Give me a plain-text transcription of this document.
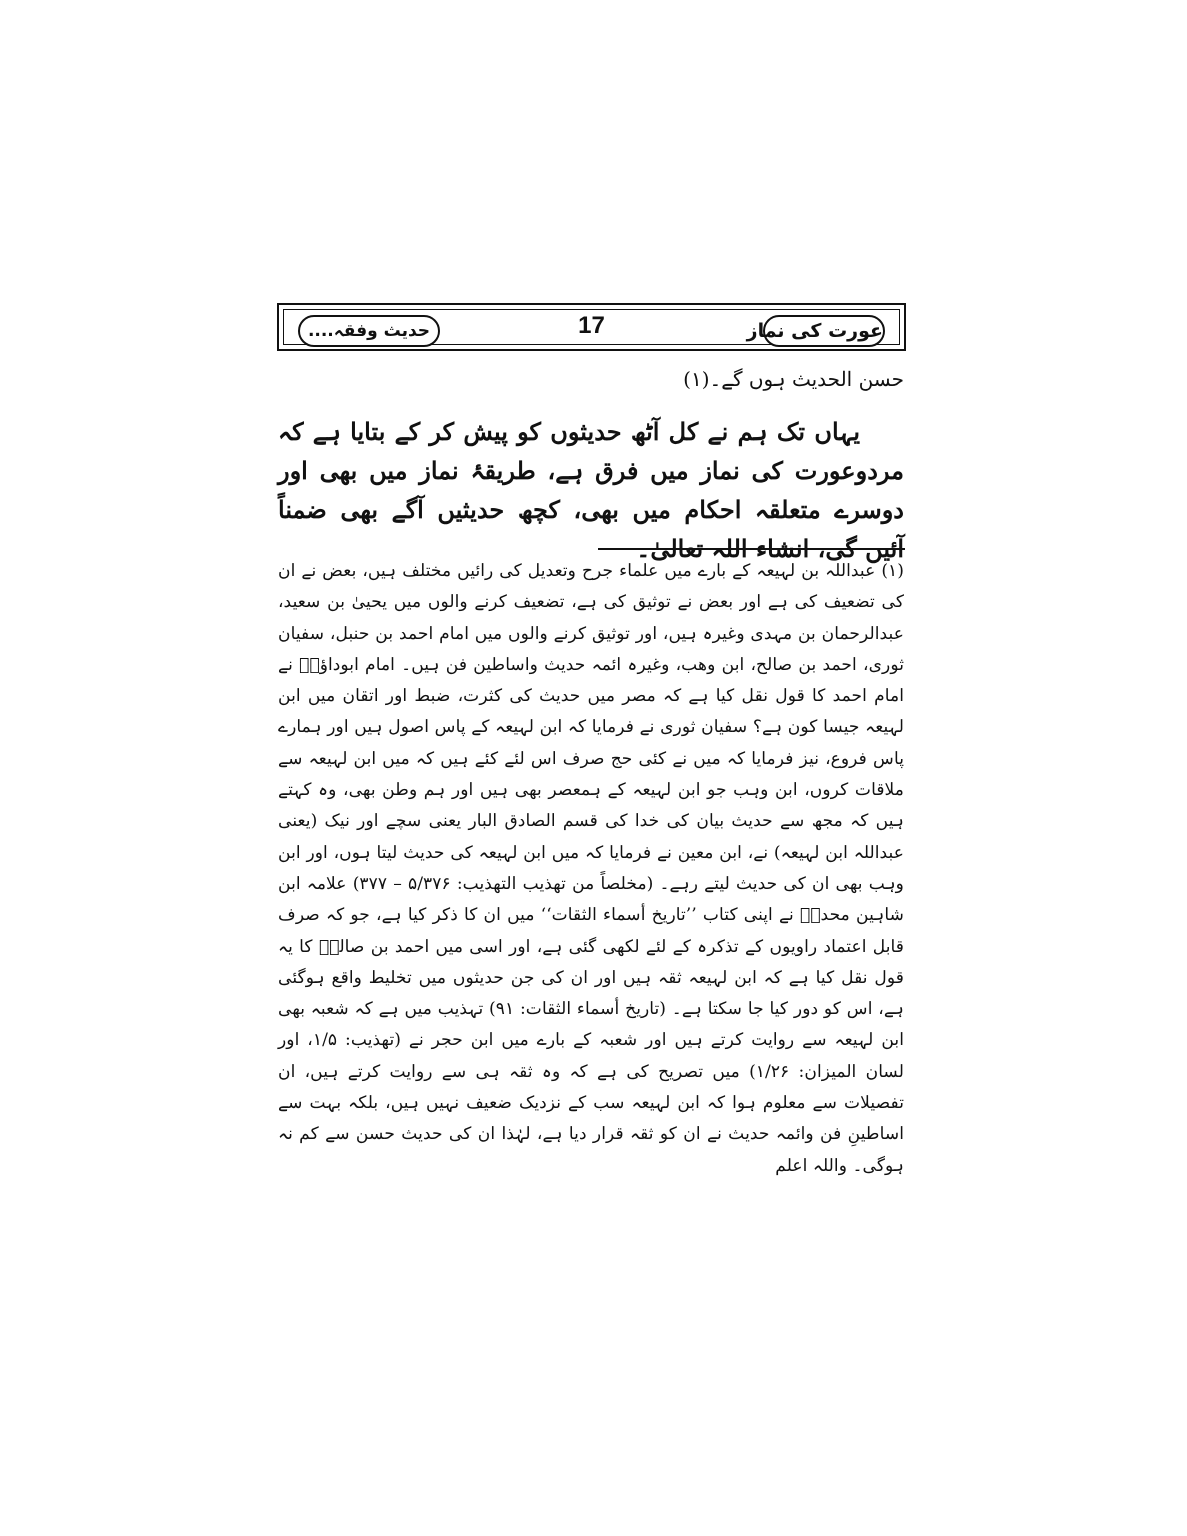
عورت کی نماز
17
حدیث وفقہ....
حسن الحدیث ہوں گے۔(۱)
یہاں تک ہم نے کل آٹھ حدیثوں کو پیش کر کے بتایا ہے کہ مردوعورت کی نماز میں فرق ہے، طریقۂ نماز میں بھی اور دوسرے متعلقہ احکام میں بھی، کچھ حدیثیں آگے بھی ضمناً آئیں گی، انشاء اللہ تعالیٰ۔
(۱) عبداللہ بن لہیعہ کے بارے میں علماء جرح وتعدیل کی رائیں مختلف ہیں، بعض نے ان کی تضعیف کی ہے اور بعض نے توثیق کی ہے، تضعیف کرنے والوں میں یحییٰ بن سعید، عبدالرحمان بن مہدی وغیرہ ہیں، اور توثیق کرنے والوں میں امام احمد بن حنبل، سفیان ثوری، احمد بن صالح، ابن وھب، وغیرہ ائمہ حدیث واساطین فن ہیں۔ امام ابوداؤدؒ نے امام احمد کا قول نقل کیا ہے کہ مصر میں حدیث کی کثرت، ضبط اور اتقان میں ابن لہیعہ جیسا کون ہے؟ سفیان ثوری نے فرمایا کہ ابن لہیعہ کے پاس اصول ہیں اور ہمارے پاس فروع، نیز فرمایا کہ میں نے کئی حج صرف اس لئے کئے ہیں کہ میں ابن لہیعہ سے ملاقات کروں، ابن وہب جو ابن لہیعہ کے ہمعصر بھی ہیں اور ہم وطن بھی، وہ کہتے ہیں کہ مجھ سے حدیث بیان کی خدا کی قسم الصادق البار یعنی سچے اور نیک (یعنی عبداللہ ابن لہیعہ) نے، ابن معین نے فرمایا کہ میں ابن لہیعہ کی حدیث لیتا ہوں، اور ابن وہب بھی ان کی حدیث لیتے رہے۔ (مخلصاً من تهذيب التهذيب: ۵/۳۷۶ – ۳۷۷) علامہ ابن شاہین محدثؒ نے اپنی کتاب ’’تاریخ أسماء الثقات‘‘ میں ان کا ذکر کیا ہے، جو کہ صرف قابل اعتماد راویوں کے تذکرہ کے لئے لکھی گئی ہے، اور اسی میں احمد بن صالحؒ کا یہ قول نقل کیا ہے کہ ابن لہیعہ ثقہ ہیں اور ان کی جن حدیثوں میں تخلیط واقع ہوگئی ہے، اس کو دور کیا جا سکتا ہے۔ (تاریخ أسماء الثقات: ۹۱) تہذیب میں ہے کہ شعبہ بھی ابن لہیعہ سے روایت کرتے ہیں اور شعبہ کے بارے میں ابن حجر نے (تهذيب: ۱/۵، اور لسان الميزان: ۱/۲۶) میں تصریح کی ہے کہ وہ ثقہ ہی سے روایت کرتے ہیں، ان تفصیلات سے معلوم ہوا کہ ابن لہیعہ سب کے نزدیک ضعیف نہیں ہیں، بلکہ بہت سے اساطینِ فن وائمہ حدیث نے ان کو ثقہ قرار دیا ہے، لہٰذا ان کی حدیث حسن سے کم نہ ہوگی۔ واللہ اعلم
